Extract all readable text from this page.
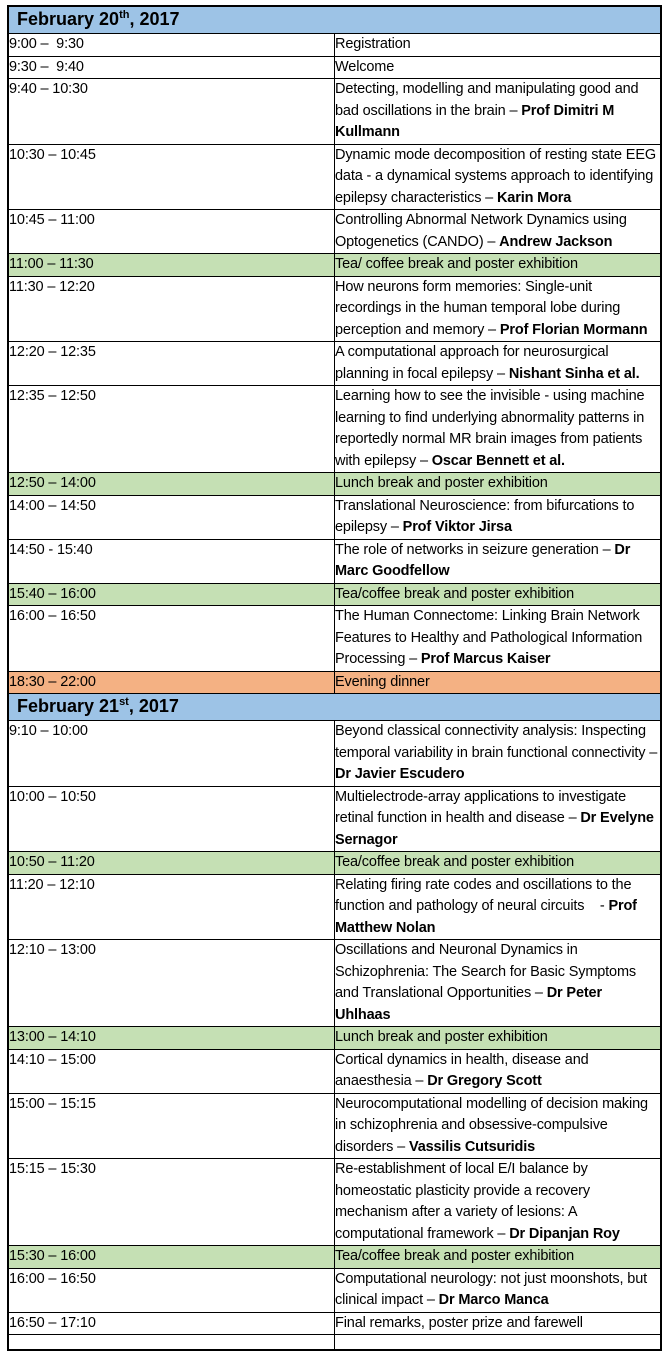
February 20th, 2017	
9:00 –  9:30	Registration
9:30 –  9:40	Welcome
9:40 – 10:30	Detecting, modelling and manipulating good and bad oscillations in the brain – Prof Dimitri M Kullmann
10:30 – 10:45	Dynamic mode decomposition of resting state EEG data - a dynamical systems approach to identifying epilepsy characteristics – Karin Mora
10:45 – 11:00	Controlling Abnormal Network Dynamics using Optogenetics (CANDO) – Andrew Jackson
11:00 – 11:30	Tea/ coffee break and poster exhibition
11:30 – 12:20	How neurons form memories: Single-unit recordings in the human temporal lobe during perception and memory – Prof Florian Mormann
12:20 – 12:35	A computational approach for neurosurgical planning in focal epilepsy – Nishant Sinha et al.
12:35 – 12:50	Learning how to see the invisible - using machine learning to find underlying abnormality patterns in reportedly normal MR brain images from patients with epilepsy – Oscar Bennett et al.
12:50 – 14:00	Lunch break and poster exhibition
14:00 – 14:50	Translational Neuroscience: from bifurcations to epilepsy – Prof Viktor Jirsa
14:50 - 15:40	The role of networks in seizure generation – Dr Marc Goodfellow
15:40 – 16:00	Tea/coffee break and poster exhibition
16:00 – 16:50	The Human Connectome: Linking Brain Network Features to Healthy and Pathological Information Processing – Prof Marcus Kaiser
18:30 – 22:00	Evening dinner
February 21st, 2017	
9:10 – 10:00	Beyond classical connectivity analysis: Inspecting temporal variability in brain functional connectivity – Dr Javier Escudero
10:00 – 10:50	Multielectrode-array applications to investigate retinal function in health and disease – Dr Evelyne Sernagor
10:50 – 11:20	Tea/coffee break and poster exhibition
11:20 – 12:10	Relating firing rate codes and oscillations to the function and pathology of neural circuits    - Prof Matthew Nolan
12:10 – 13:00	Oscillations and Neuronal Dynamics in Schizophrenia: The Search for Basic Symptoms and Translational Opportunities – Dr Peter Uhlhaas
13:00 – 14:10	Lunch break and poster exhibition
14:10 – 15:00	Cortical dynamics in health, disease and anaesthesia – Dr Gregory Scott
15:00 – 15:15	Neurocomputational modelling of decision making in schizophrenia and obsessive-compulsive disorders – Vassilis Cutsuridis
15:15 – 15:30	Re-establishment of local E/I balance by homeostatic plasticity provide a recovery mechanism after a variety of lesions: A computational framework – Dr Dipanjan Roy
15:30 – 16:00	Tea/coffee break and poster exhibition
16:00 – 16:50	Computational neurology: not just moonshots, but clinical impact – Dr Marco Manca
16:50 – 17:10	Final remarks, poster prize and farewell
